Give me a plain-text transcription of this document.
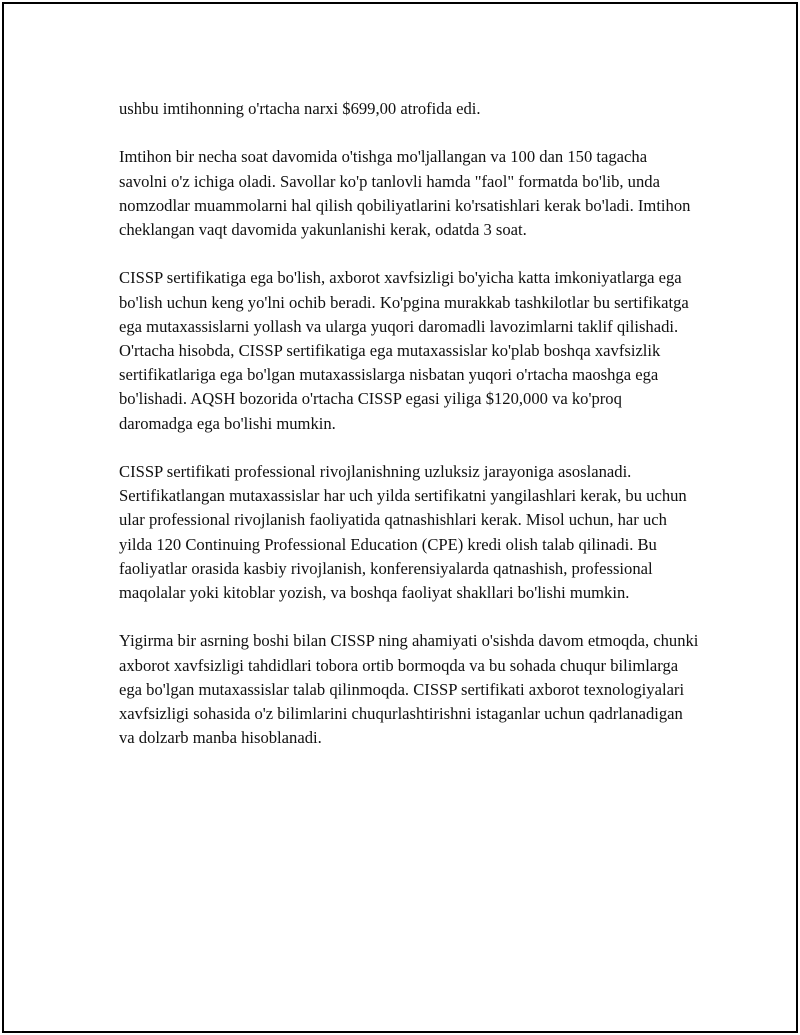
ushbu imtihonning o'rtacha narxi $699,00 atrofida edi.

Imtihon bir necha soat davomida o'tishga mo'ljallangan va 100 dan 150 tagacha savolni o'z ichiga oladi. Savollar ko'p tanlovli hamda "faol" formatda bo'lib, unda nomzodlar muammolarni hal qilish qobiliyatlarini ko'rsatishlari kerak bo'ladi. Imtihon cheklangan vaqt davomida yakunlanishi kerak, odatda 3 soat.

CISSP sertifikatiga ega bo'lish, axborot xavfsizligi bo'yicha katta imkoniyatlarga ega bo'lish uchun keng yo'lni ochib beradi. Ko'pgina murakkab tashkilotlar bu sertifikatga ega mutaxassislarni yollash va ularga yuqori daromadli lavozimlarni taklif qilishadi. O'rtacha hisobda, CISSP sertifikatiga ega mutaxassislar ko'plab boshqa xavfsizlik sertifikatlariga ega bo'lgan mutaxassislarga nisbatan yuqori o'rtacha maoshga ega bo'lishadi. AQSH bozorida o'rtacha CISSP egasi yiliga $120,000 va ko'proq daromadga ega bo'lishi mumkin.

CISSP sertifikati professional rivojlanishning uzluksiz jarayoniga asoslanadi. Sertifikatlangan mutaxassislar har uch yilda sertifikatni yangilashlari kerak, bu uchun ular professional rivojlanish faoliyatida qatnashishlari kerak. Misol uchun, har uch yilda 120 Continuing Professional Education (CPE) kredi olish talab qilinadi. Bu faoliyatlar orasida kasbiy rivojlanish, konferensiyalarda qatnashish, professional maqolalar yoki kitoblar yozish, va boshqa faoliyat shakllari bo'lishi mumkin.

Yigirma bir asrning boshi bilan CISSP ning ahamiyati o'sishda davom etmoqda, chunki axborot xavfsizligi tahdidlari tobora ortib bormoqda va bu sohada chuqur bilimlarga ega bo'lgan mutaxassislar talab qilinmoqda. CISSP sertifikati axborot texnologiyalari xavfsizligi sohasida o'z bilimlarini chuqurlashtirishni istaganlar uchun qadrlanadigan va dolzarb manba hisoblanadi.
